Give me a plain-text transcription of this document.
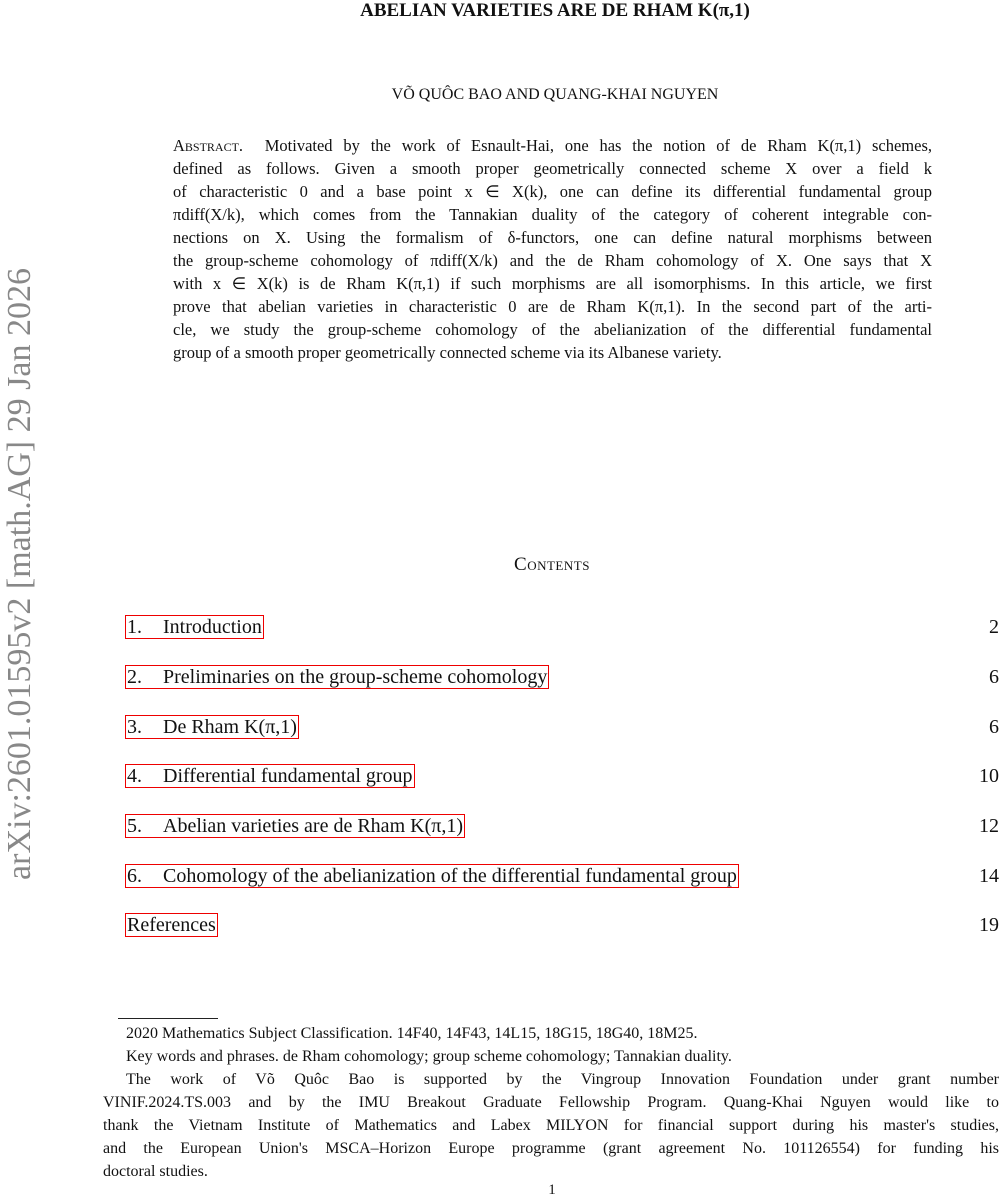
ABELIAN VARIETIES ARE DE RHAM K(π,1)
VÕ QUÔC BAO AND QUANG-KHAI NGUYEN
arXiv:2601.01595v2 [math.AG] 29 Jan 2026
Abstract. Motivated by the work of Esnault-Hai, one has the notion of de Rham K(π,1) schemes,
defined as follows. Given a smooth proper geometrically connected scheme X over a field k
of characteristic 0 and a base point x ∈ X(k), one can define its differential fundamental group
πdiff(X/k), which comes from the Tannakian duality of the category of coherent integrable con-
nections on X. Using the formalism of δ-functors, one can define natural morphisms between
the group-scheme cohomology of πdiff(X/k) and the de Rham cohomology of X. One says that X
with x ∈ X(k) is de Rham K(π,1) if such morphisms are all isomorphisms. In this article, we first
prove that abelian varieties in characteristic 0 are de Rham K(π,1). In the second part of the arti-
cle, we study the group-scheme cohomology of the abelianization of the differential fundamental
group of a smooth proper geometrically connected scheme via its Albanese variety.
Contents
1. Introduction	2
2. Preliminaries on the group-scheme cohomology	6
3. De Rham K(π,1)	6
4. Differential fundamental group	10
5. Abelian varieties are de Rham K(π,1)	12
6. Cohomology of the abelianization of the differential fundamental group	14
References	19
2020 Mathematics Subject Classification. 14F40, 14F43, 14L15, 18G15, 18G40, 18M25.
Key words and phrases. de Rham cohomology; group scheme cohomology; Tannakian duality.
The work of Võ Quôc Bao is supported by the Vingroup Innovation Foundation under grant number
VINIF.2024.TS.003 and by the IMU Breakout Graduate Fellowship Program. Quang-Khai Nguyen would like to
thank the Vietnam Institute of Mathematics and Labex MILYON for financial support during his master's studies,
and the European Union's MSCA–Horizon Europe programme (grant agreement No. 101126554) for funding his
doctoral studies.
1
